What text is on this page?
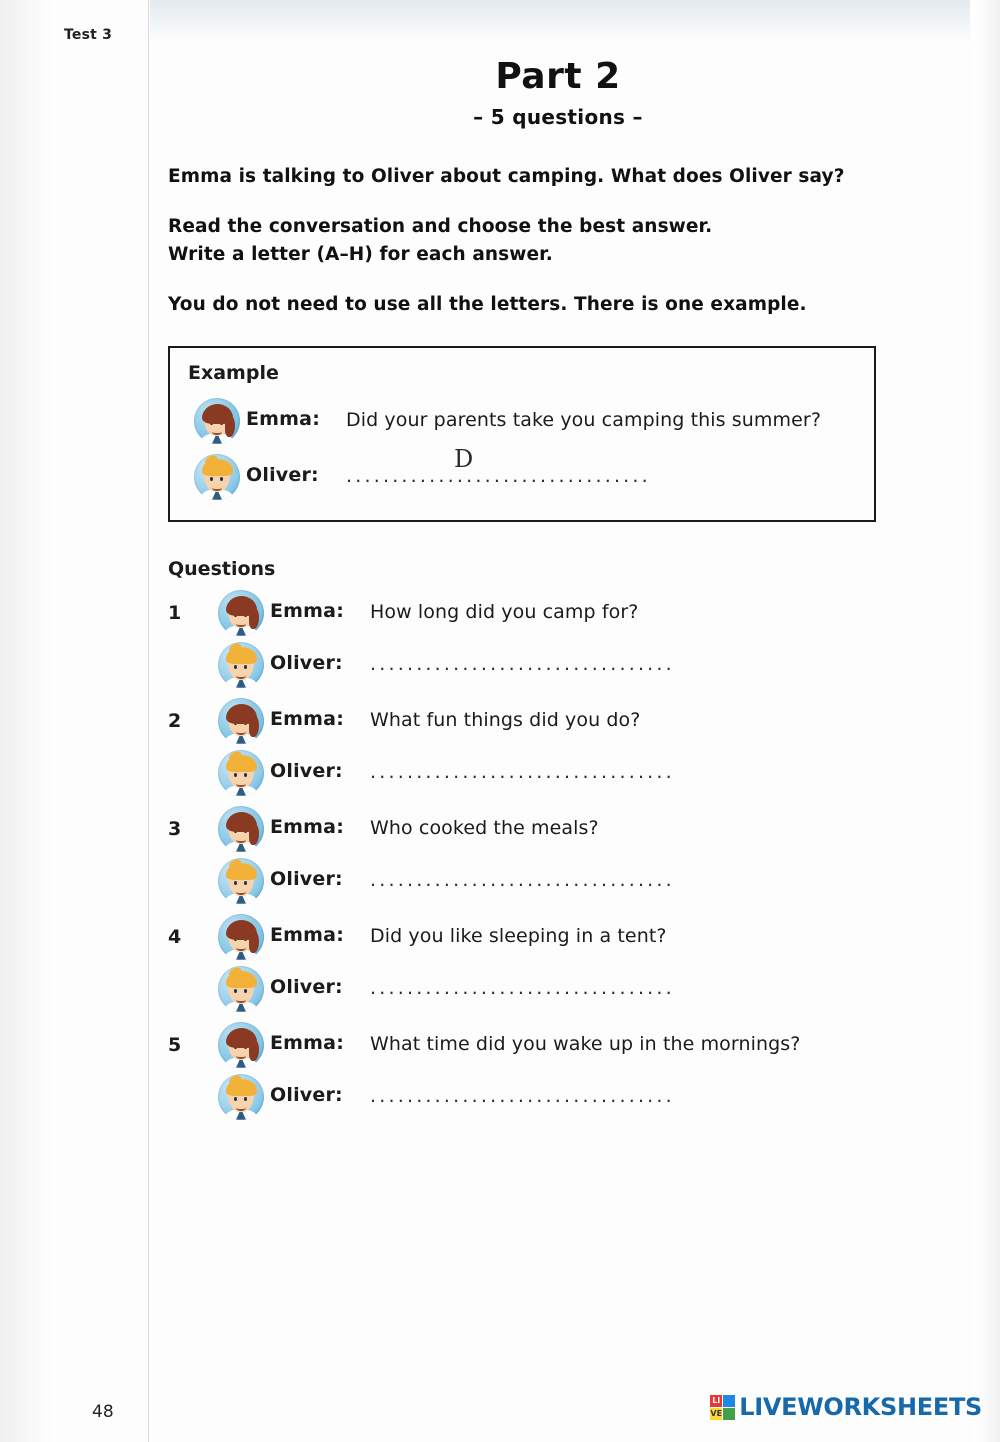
Test 3
Part 2
– 5 questions –
Emma is talking to Oliver about camping. What does Oliver say?
Read the conversation and choose the best answer.
Write a letter (A–H) for each answer.
You do not need to use all the letters. There is one example.
Example
Emma:	Did your parents take you camping this summer?
Oliver:	.................................
D
Questions
1	Emma:	How long did you camp for?
Oliver:	.................................
2	Emma:	What fun things did you do?
Oliver:	.................................
3	Emma:	Who cooked the meals?
Oliver:	.................................
4	Emma:	Did you like sleeping in a tent?
Oliver:	.................................
5	Emma:	What time did you wake up in the mornings?
Oliver:	.................................
48
LI
VE LIVEWORKSHEETS
